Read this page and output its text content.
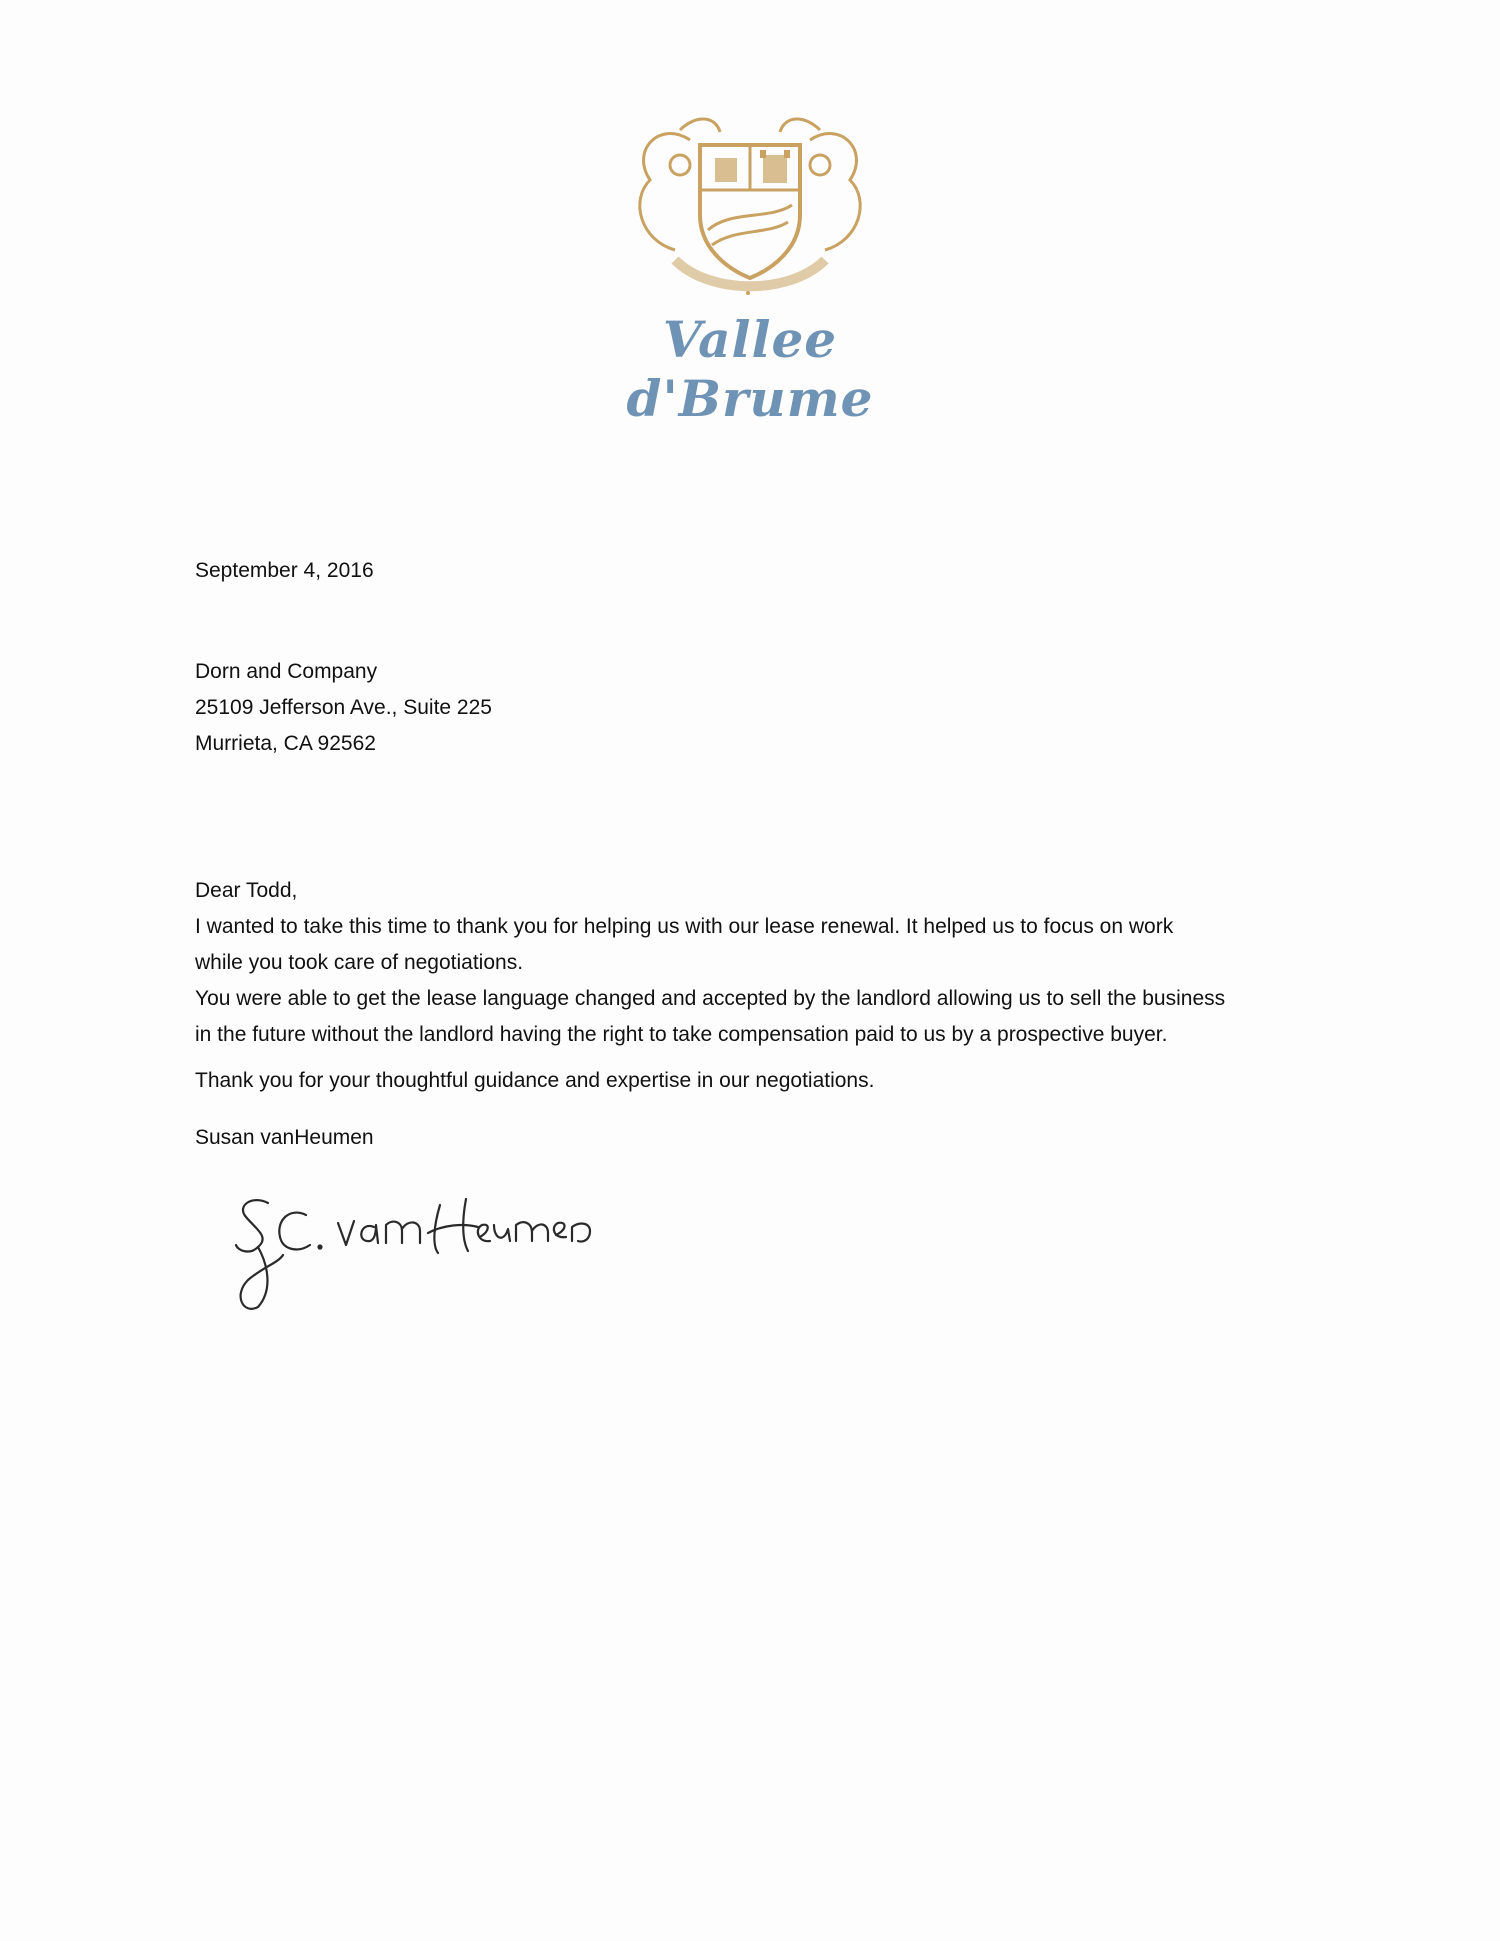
Vallee d'Brume
September 4, 2016
Dorn and Company
25109 Jefferson Ave., Suite 225
Murrieta, CA 92562

Dear Todd,

I wanted to take this time to thank you for helping us with our lease renewal. It helped us to focus on work

while you took care of negotiations.

You were able to get the lease language changed and accepted by the landlord allowing us to sell the business

in the future without the landlord having the right to take compensation paid to us by a prospective buyer.

Thank you for your thoughtful guidance and expertise in our negotiations.

Susan vanHeumen
